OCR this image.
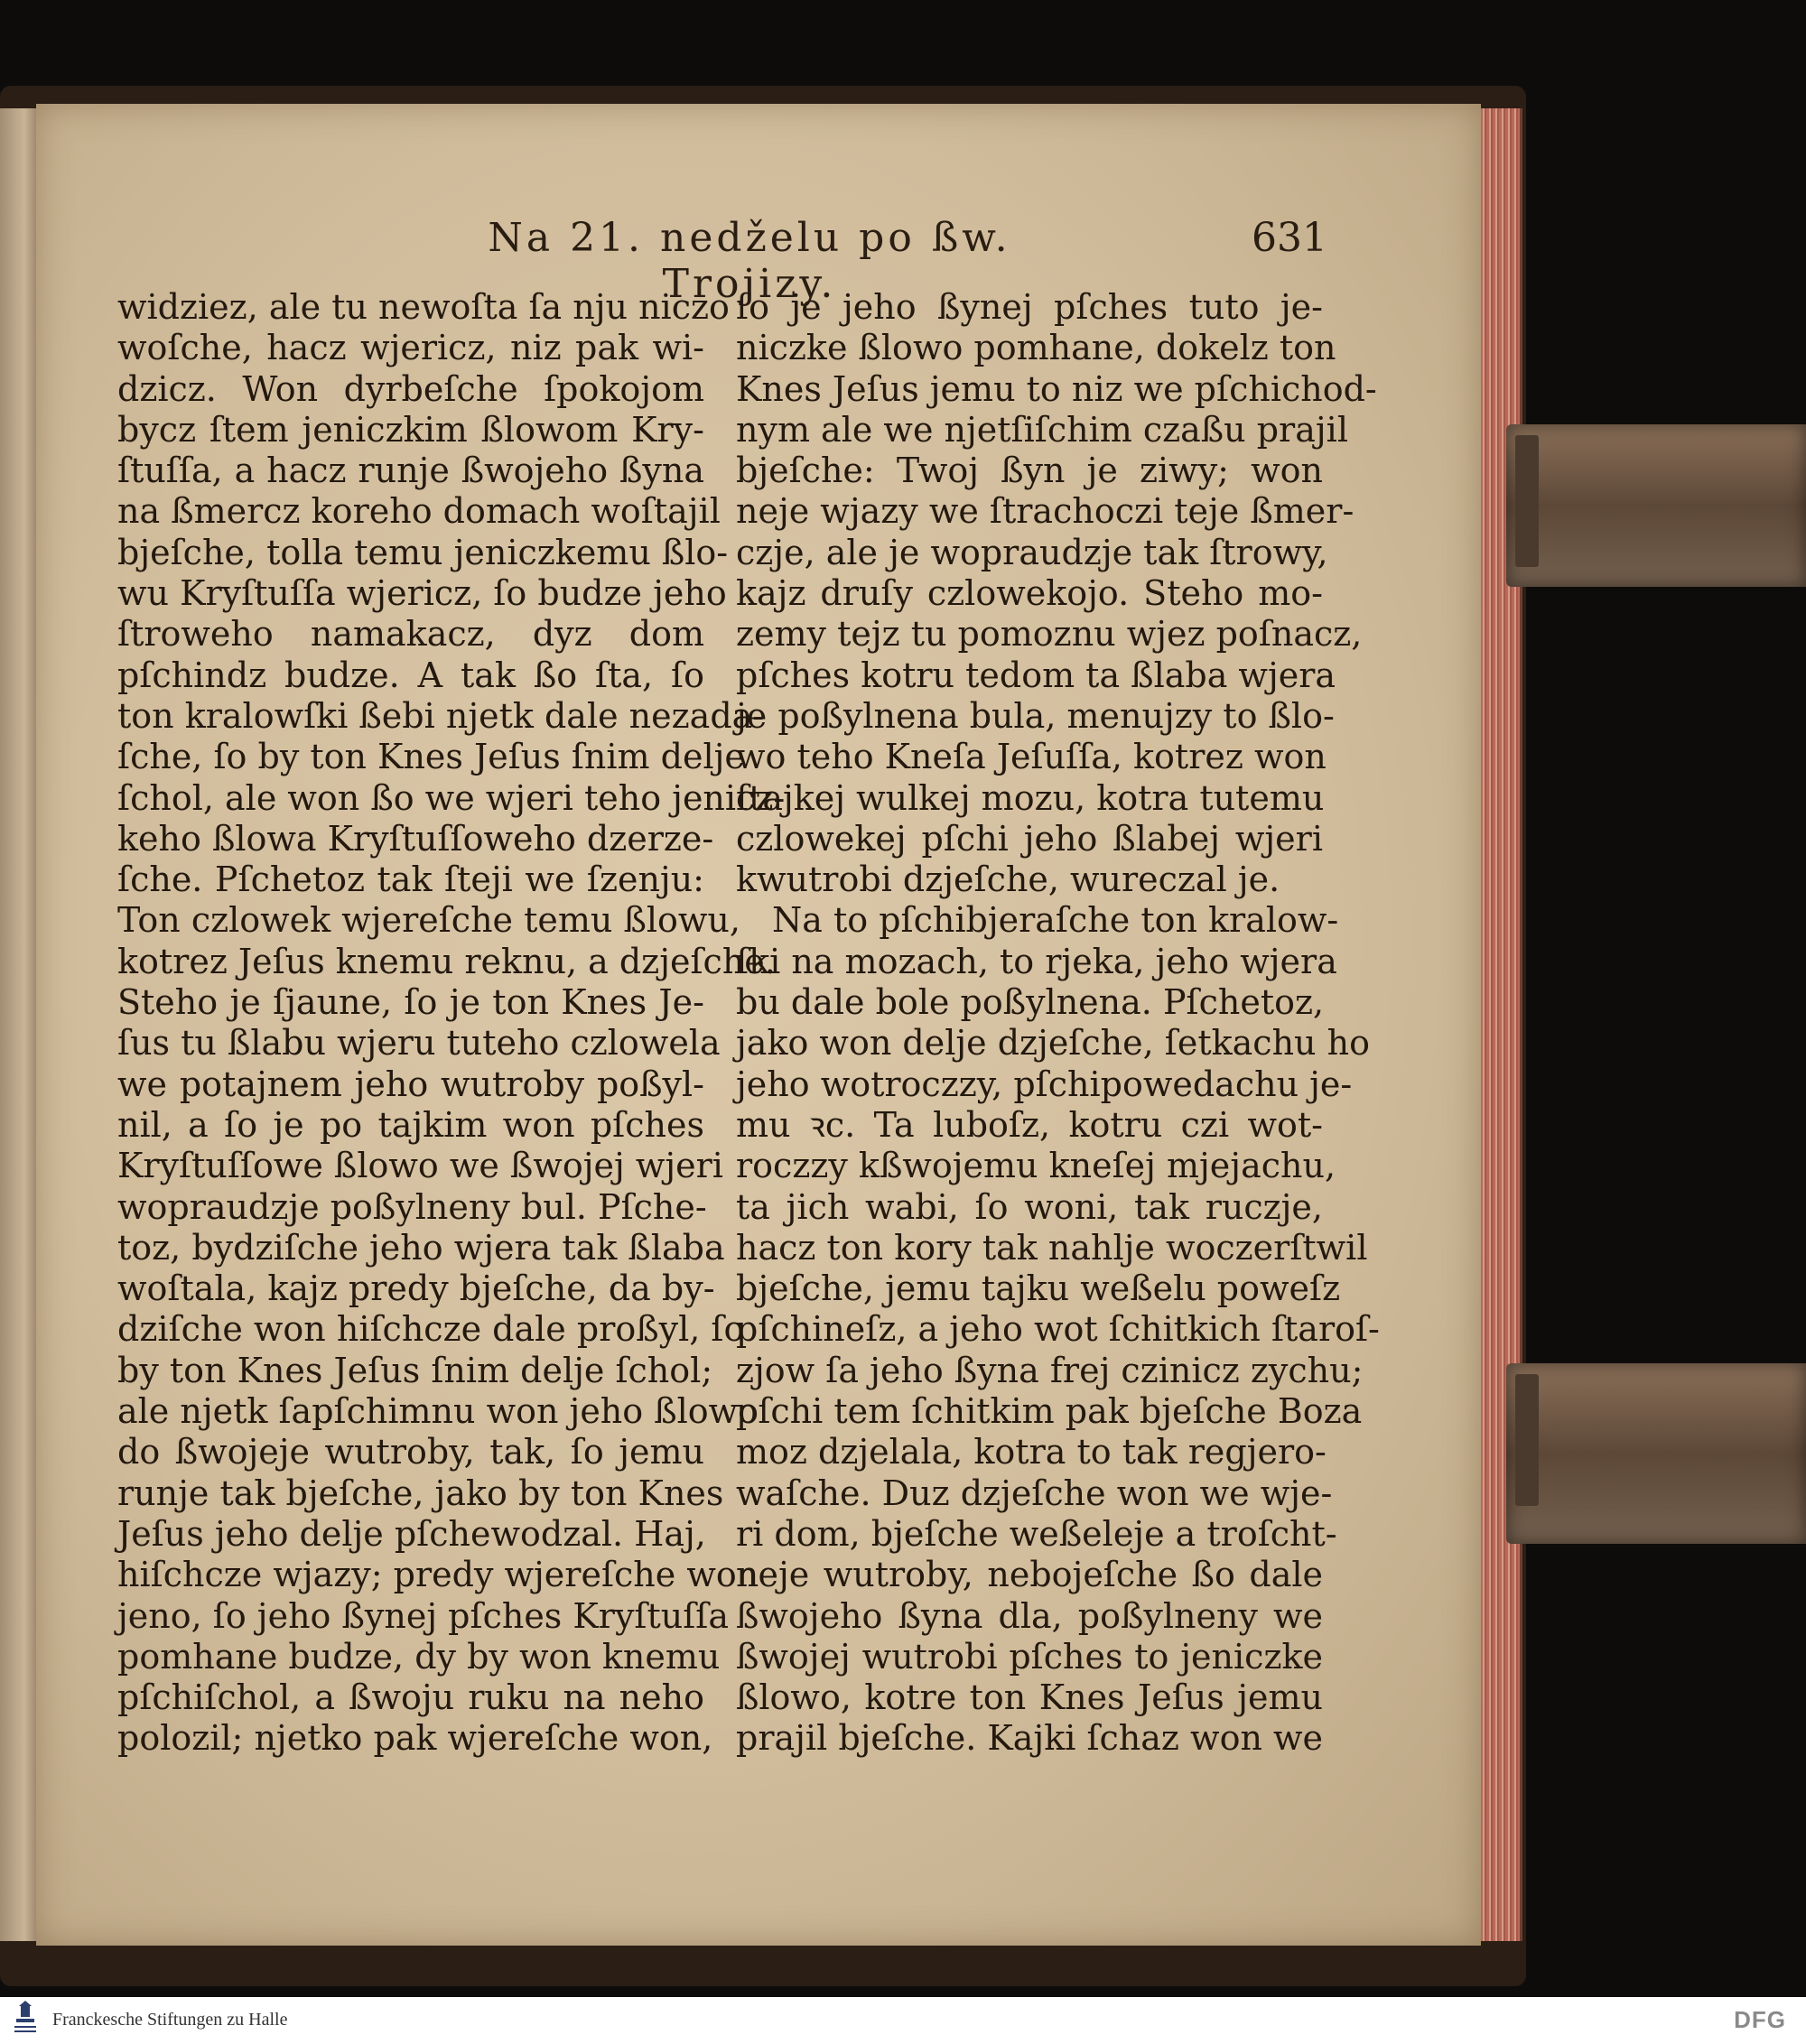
Na 21. nedželu po ßw. Trojizy.
631
widziez, ale tu newoſta ſa nju niczo
woſche, hacz wjericz, niz pak wi-
dzicz. Won dyrbeſche ſpokojom
bycz ſtem jeniczkim ßlowom Kry-
ſtuſſa, a hacz runje ßwojeho ßyna
na ßmercz koreho domach woſtajil
bjeſche, tolla temu jeniczkemu ßlo-
wu Kryſtuſſa wjericz, ſo budze jeho
ſtroweho namakacz, dyz dom
pſchindz budze. A tak ßo ſta, ſo
ton kralowſki ßebi njetk dale nezada-
ſche, ſo by ton Knes Jeſus ſnim delje
ſchol, ale won ßo we wjeri teho jenicz-
keho ßlowa Kryſtuſſoweho dzerze-
ſche. Pſchetoz tak ſteji we ſzenju:
Ton czlowek wjereſche temu ßlowu,
kotrez Jeſus knemu reknu, a dzjeſche.
Steho je ſjaune, ſo je ton Knes Je-
ſus tu ßlabu wjeru tuteho czlowela
we potajnem jeho wutroby poßyl-
nil, a ſo je po tajkim won pſches
Kryſtuſſowe ßlowo we ßwojej wjeri
wopraudzje poßylneny bul. Pſche-
toz, bydziſche jeho wjera tak ßlaba
woſtala, kajz predy bjeſche, da by-
dziſche won hiſchcze dale proßyl, ſo
by ton Knes Jeſus ſnim delje ſchol;
ale njetk ſapſchimnu won jeho ßlowo
do ßwojeje wutroby, tak, ſo jemu
runje tak bjeſche, jako by ton Knes
Jeſus jeho delje pſchewodzal. Haj,
hiſchcze wjazy; predy wjereſche won
jeno, ſo jeho ßynej pſches Kryſtuſſa
pomhane budze, dy by won knemu
pſchiſchol, a ßwoju ruku na neho
polozil; njetko pak wjereſche won,
ſo je jeho ßynej pſches tuto je-
niczke ßlowo pomhane, dokelz ton
Knes Jeſus jemu to niz we pſchichod-
nym ale we njetſiſchim czaßu prajil
bjeſche: Twoj ßyn je ziwy; won
neje wjazy we ſtrachoczi teje ßmer-
czje, ale je wopraudzje tak ſtrowy,
kajz druſy czlowekojo. Steho mo-
zemy tejz tu pomoznu wjez poſnacz,
pſches kotru tedom ta ßlaba wjera
je poßylnena bula, menujzy to ßlo-
wo teho Kneſa Jeſuſſa, kotrez won
ſtajkej wulkej mozu, kotra tutemu
czlowekej pſchi jeho ßlabej wjeri
kwutrobi dzjeſche, wureczal je.
Na to pſchibjeraſche ton kralow-
ſki na mozach, to rjeka, jeho wjera
bu dale bole poßylnena. Pſchetoz,
jako won delje dzjeſche, ſetkachu ho
jeho wotroczzy, pſchipowedachu je-
mu ꝛc. Ta luboſz, kotru czi wot-
roczzy kßwojemu kneſej mjejachu,
ta jich wabi, ſo woni, tak ruczje,
hacz ton kory tak nahlje woczerſtwil
bjeſche, jemu tajku weßelu poweſz
pſchineſz, a jeho wot ſchitkich ſtaroſ-
zjow ſa jeho ßyna frej czinicz zychu;
pſchi tem ſchitkim pak bjeſche Boza
moz dzjelala, kotra to tak regjero-
waſche. Duz dzjeſche won we wje-
ri dom, bjeſche weßeleje a troſcht-
neje wutroby, nebojeſche ßo dale
ßwojeho ßyna dla, poßylneny we
ßwojej wutrobi pſches to jeniczke
ßlowo, kotre ton Knes Jeſus jemu
prajil bjeſche. Kajki ſchaz won we
Franckesche Stiftungen zu Halle	DFG
